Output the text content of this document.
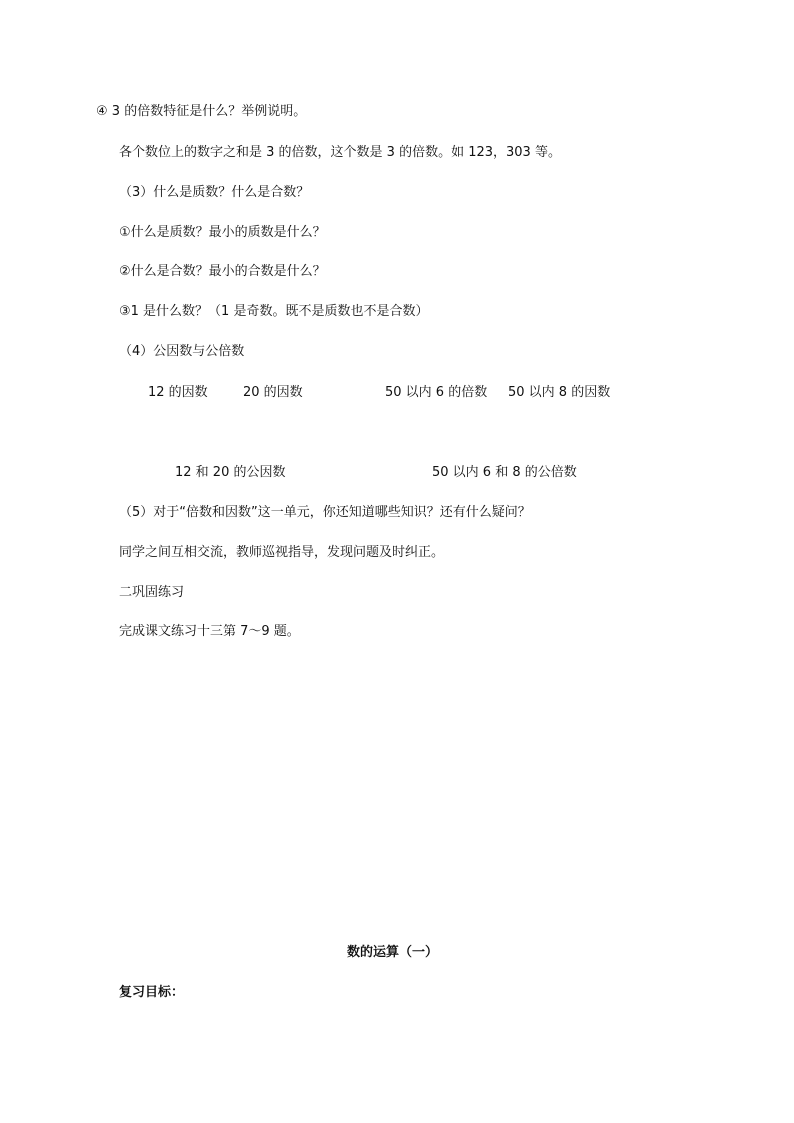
④ 3 的倍数特征是什么？举例说明。
各个数位上的数字之和是 3 的倍数，这个数是 3 的倍数。如 123，303 等。
（3）什么是质数？什么是合数？
①什么是质数？最小的质数是什么？
②什么是合数？最小的合数是什么？
③1 是什么数？（1 是奇数。既不是质数也不是合数）
（4）公因数与公倍数
12 的因数	20 的因数	50 以内 6 的倍数 50 以内 8 的因数
12 和 20 的公因数	50 以内 6 和 8 的公倍数
（5）对于“倍数和因数”这一单元，你还知道哪些知识？还有什么疑问？
同学之间互相交流，教师巡视指导，发现问题及时纠正。
二巩固练习
完成课文练习十三第 7～9 题。
数的运算（一）
复习目标：
